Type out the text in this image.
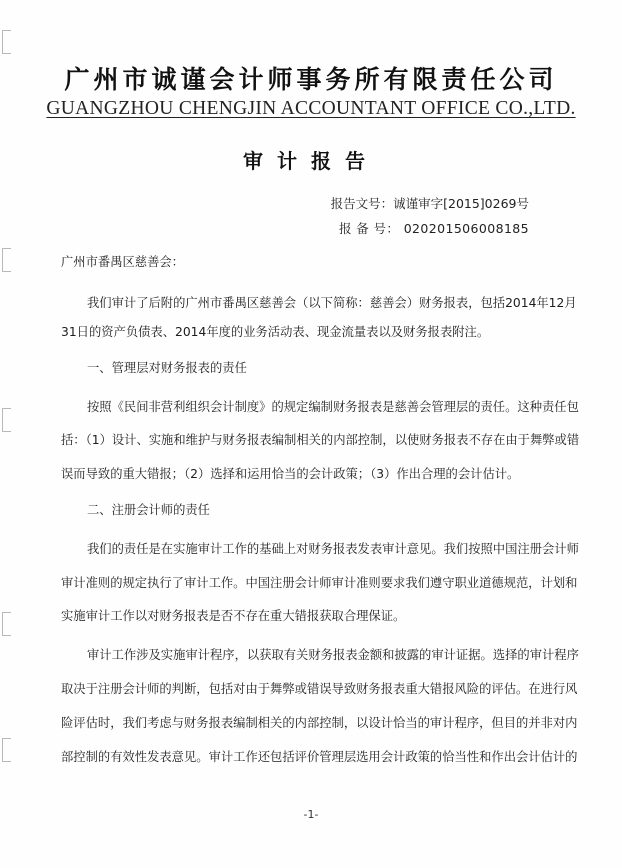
广州市诚谨会计师事务所有限责任公司
GUANGZHOU CHENGJIN ACCOUNTANT OFFICE CO.,LTD.
审计报告
报告文号：诚谨审字[2015]0269号
报 备 号： 020201506008185
广州市番禺区慈善会：
我们审计了后附的广州市番禺区慈善会（以下简称：慈善会）财务报表，包括2014年12月
31日的资产负债表、2014年度的业务活动表、现金流量表以及财务报表附注。
一、管理层对财务报表的责任
按照《民间非营利组织会计制度》的规定编制财务报表是慈善会管理层的责任。这种责任包
括：（1）设计、实施和维护与财务报表编制相关的内部控制，以使财务报表不存在由于舞弊或错
误而导致的重大错报；（2）选择和运用恰当的会计政策；（3）作出合理的会计估计。
二、注册会计师的责任
我们的责任是在实施审计工作的基础上对财务报表发表审计意见。我们按照中国注册会计师
审计准则的规定执行了审计工作。中国注册会计师审计准则要求我们遵守职业道德规范，计划和
实施审计工作以对财务报表是否不存在重大错报获取合理保证。
审计工作涉及实施审计程序，以获取有关财务报表金额和披露的审计证据。选择的审计程序
取决于注册会计师的判断，包括对由于舞弊或错误导致财务报表重大错报风险的评估。在进行风
险评估时，我们考虑与财务报表编制相关的内部控制，以设计恰当的审计程序，但目的并非对内
部控制的有效性发表意见。审计工作还包括评价管理层选用会计政策的恰当性和作出会计估计的
-1-
